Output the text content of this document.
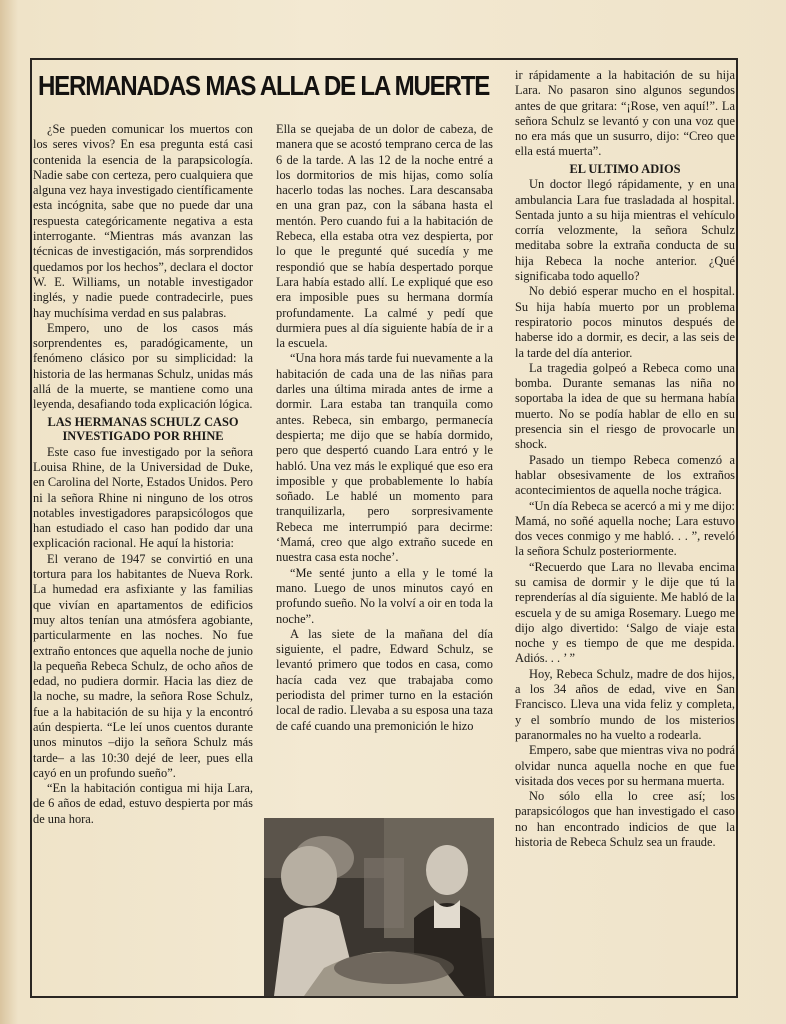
HERMANADAS MAS ALLA DE LA MUERTE

¿Se pueden comunicar los muertos con los seres vivos? En esa pregunta está casi contenida la esencia de la parapsicología. Nadie sabe con certeza, pero cualquiera que alguna vez haya investigado científicamente esta incógnita, sabe que no puede dar una respuesta categóricamente negativa a esta interrogante. “Mientras más avanzan las técnicas de investigación, más sorprendidos quedamos por los hechos”, declara el doctor W. E. Williams, un notable investigador inglés, y nadie puede contradecirle, pues hay muchísima verdad en sus palabras.

Empero, uno de los casos más sorprendentes es, paradógicamente, un fenómeno clásico por su simplicidad: la historia de las hermanas Schulz, unidas más allá de la muerte, se mantiene como una leyenda, desafiando toda explicación lógica.

LAS HERMANAS SCHULZ CASO INVESTIGADO POR RHINE

Este caso fue investigado por la señora Louisa Rhine, de la Universidad de Duke, en Carolina del Norte, Estados Unidos. Pero ni la señora Rhine ni ninguno de los otros notables investigadores parapsicólogos que han estudiado el caso han podido dar una explicación racional. He aquí la historia:

El verano de 1947 se convirtió en una tortura para los habitantes de Nueva Rork. La humedad era asfixiante y las familias que vivían en apartamentos de edificios muy altos tenían una atmósfera agobiante, particularmente en las noches. No fue extraño entonces que aquella noche de junio la pequeña Rebeca Schulz, de ocho años de edad, no pudiera dormir. Hacia las diez de la noche, su madre, la señora Rose Schulz, fue a la habitación de su hija y la encontró aún despierta. “Le leí unos cuentos durante unos minutos –dijo la señora Schulz más tarde– a las 10:30 dejé de leer, pues ella cayó en un profundo sueño”.

“En la habitación contigua mi hija Lara, de 6 años de edad, estuvo despierta por más de una hora.

Ella se quejaba de un dolor de cabeza, de manera que se acostó temprano cerca de las 6 de la tarde. A las 12 de la noche entré a los dormitorios de mis hijas, como solía hacerlo todas las noches. Lara descansaba en una gran paz, con la sábana hasta el mentón. Pero cuando fui a la habitación de Rebeca, ella estaba otra vez despierta, por lo que le pregunté qué sucedía y me respondió que se había despertado porque Lara había estado allí. Le expliqué que eso era imposible pues su hermana dormía profundamente. La calmé y pedí que durmiera pues al día siguiente había de ir a la escuela.

“Una hora más tarde fui nuevamente a la habitación de cada una de las niñas para darles una última mirada antes de irme a dormir. Lara estaba tan tranquila como antes. Rebeca, sin embargo, permanecía despierta; me dijo que se había dormido, pero que despertó cuando Lara entró y le habló. Una vez más le expliqué que eso era imposible y que probablemente lo había soñado. Le hablé un momento para tranquilizarla, pero sorpresivamente Rebeca me interrumpió para decirme: ‘Mamá, creo que algo extraño sucede en nuestra casa esta noche’.

“Me senté junto a ella y le tomé la mano. Luego de unos minutos cayó en profundo sueño. No la volví a oir en toda la noche”.

A las siete de la mañana del día siguiente, el padre, Edward Schulz, se levantó primero que todos en casa, como hacía cada vez que trabajaba como periodista del primer turno en la estación local de radio. Llevaba a su esposa una taza de café cuando una premonición le hizo

ir rápidamente a la habitación de su hija Lara. No pasaron sino algunos segundos antes de que gritara: “¡Rose, ven aquí!”. La señora Schulz se levantó y con una voz que no era más que un susurro, dijo: “Creo que ella está muerta”.

EL ULTIMO ADIOS

Un doctor llegó rápidamente, y en una ambulancia Lara fue trasladada al hospital. Sentada junto a su hija mientras el vehículo corría velozmente, la señora Schulz meditaba sobre la extraña conducta de su hija Rebeca la noche anterior. ¿Qué significaba todo aquello?

No debió esperar mucho en el hospital. Su hija había muerto por un problema respiratorio pocos minutos después de haberse ido a dormir, es decir, a las seis de la tarde del día anterior.

La tragedia golpeó a Rebeca como una bomba. Durante semanas las niña no soportaba la idea de que su hermana había muerto. No se podía hablar de ello en su presencia sin el riesgo de provocarle un shock.

Pasado un tiempo Rebeca comenzó a hablar obsesivamente de los extraños acontecimientos de aquella noche trágica.

“Un día Rebeca se acercó a mi y me dijo: Mamá, no soñé aquella noche; Lara estuvo dos veces conmigo y me habló. . . ”, reveló la señora Schulz posteriormente.

“Recuerdo que Lara no llevaba encima su camisa de dormir y le dije que tú la reprenderías al día siguiente. Me habló de la escuela y de su amiga Rosemary. Luego me dijo algo divertido: ‘Salgo de viaje esta noche y es tiempo de que me despida. Adiós. . . ’ ”

Hoy, Rebeca Schulz, madre de dos hijos, a los 34 años de edad, vive en San Francisco. Lleva una vida feliz y completa, y el sombrío mundo de los misterios paranormales no ha vuelto a rodearla.

Empero, sabe que mientras viva no podrá olvidar nunca aquella noche en que fue visitada dos veces por su hermana muerta.

No sólo ella lo cree así; los parapsicólogos que han investigado el caso no han encontrado indicios de que la historia de Rebeca Schulz sea un fraude.
